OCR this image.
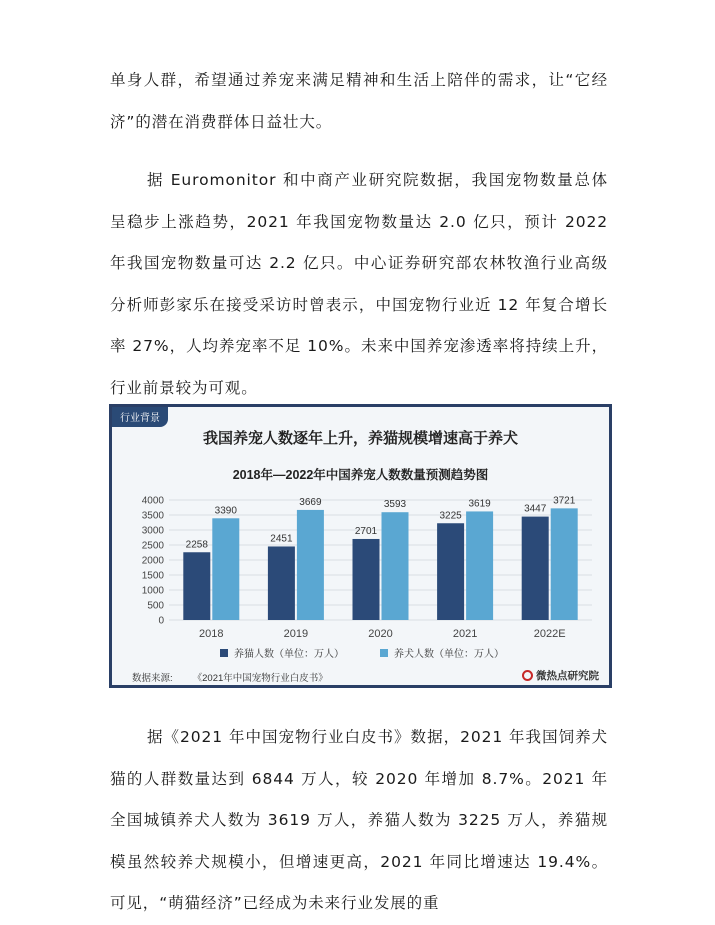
单身人群，希望通过养宠来满足精神和生活上陪伴的需求，让“它经济”的潜在消费群体日益壮大。

据 Euromonitor 和中商产业研究院数据，我国宠物数量总体呈稳步上涨趋势，2021 年我国宠物数量达 2.0 亿只，预计 2022 年我国宠物数量可达 2.2 亿只。中心证券研究部农林牧渔行业高级分析师彭家乐在接受采访时曾表示，中国宠物行业近 12 年复合增长率 27%，人均养宠率不足 10%。未来中国养宠渗透率将持续上升，行业前景较为可观。

行业背景
我国养宠人数逐年上升，养猫规模增速高于养犬
2018年—2022年中国养宠人数数量预测趋势图
0
500
1000
1500
2000
2500
3000
3500
4000
2258
3390
2018
2451
3669
2019
2701
3593
2020
3225
3619
2021
3447
3721
2022E
养猫人数（单位：万人）	养犬人数（单位：万人）
数据来源: 《2021年中国宠物行业白皮书》	微热点研究院

据《2021 年中国宠物行业白皮书》数据，2021 年我国饲养犬猫的人群数量达到 6844 万人，较 2020 年增加 8.7%。2021 年全国城镇养犬人数为 3619 万人，养猫人数为 3225 万人，养猫规模虽然较养犬规模小，但增速更高，2021 年同比增速达 19.4%。可见，“萌猫经济”已经成为未来行业发展的重
